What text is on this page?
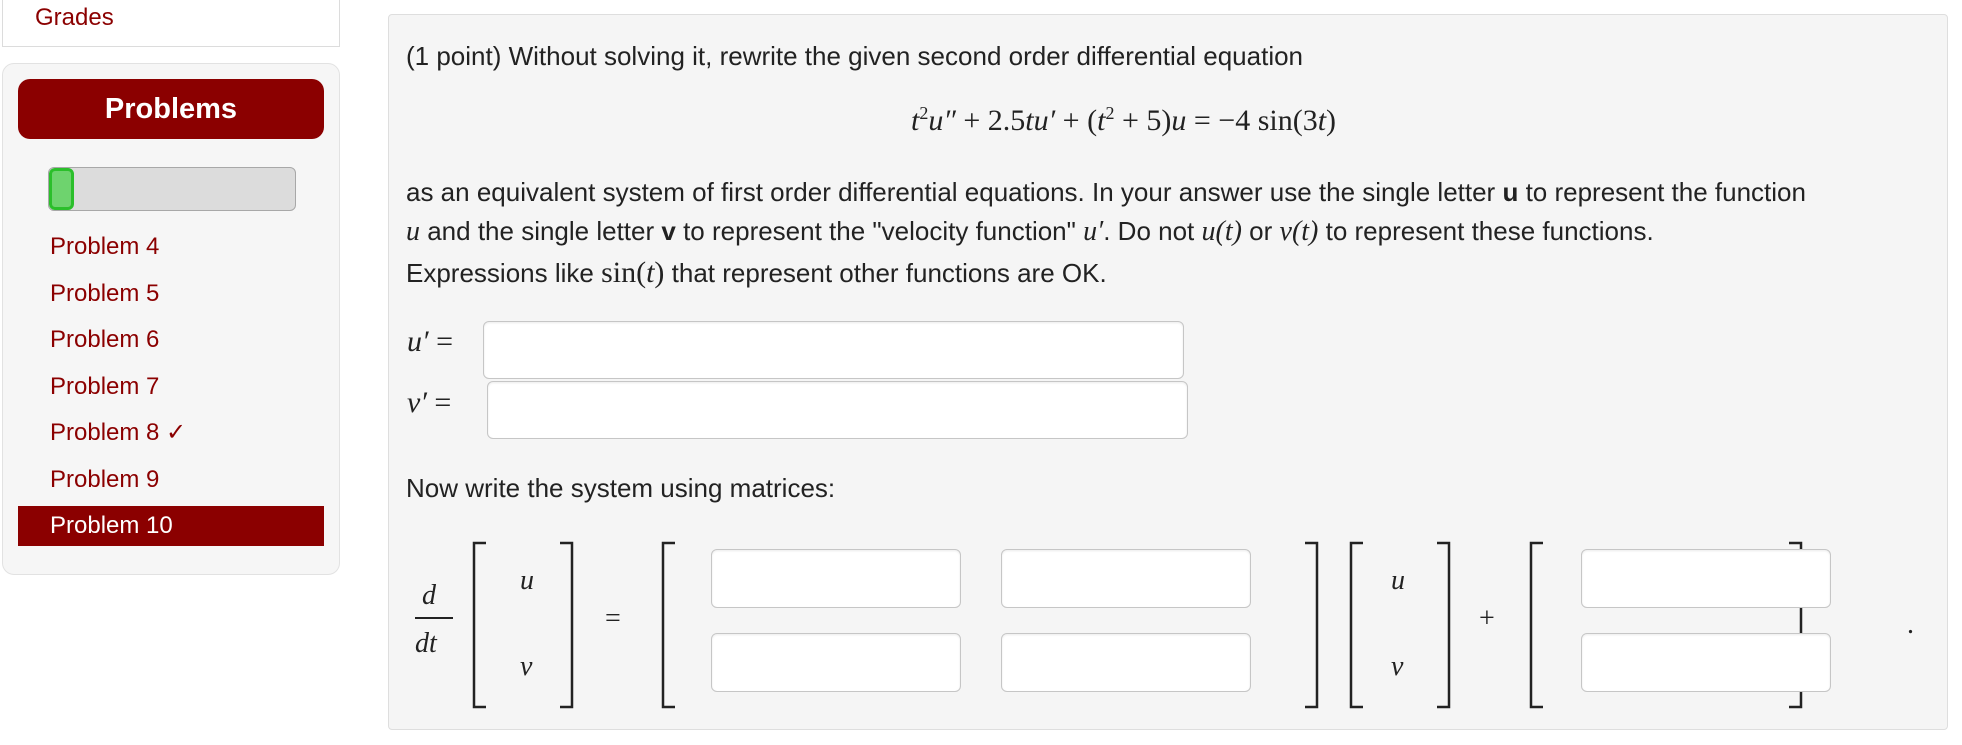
Grades
Problems
Problem 4
Problem 5
Problem 6
Problem 7
Problem 8 ✓
Problem 9
Problem 10
(1 point) Without solving it, rewrite the given second order differential equation
$t^2u'' + 2.5tu' + (t^2 + 5)u = -4$ sin(3t)
as an equivalent system of first order differential equations. In your answer use the single letter u to represent the function
u and the single letter v to represent the "velocity function" u′. Do not u(t) or v(t) to represent these functions.
Expressions like sin(t) that represent other functions are OK.
u′ =
v′ =
Now write the system using matrices:
d
dt
u
v
=
u
v
+	.
